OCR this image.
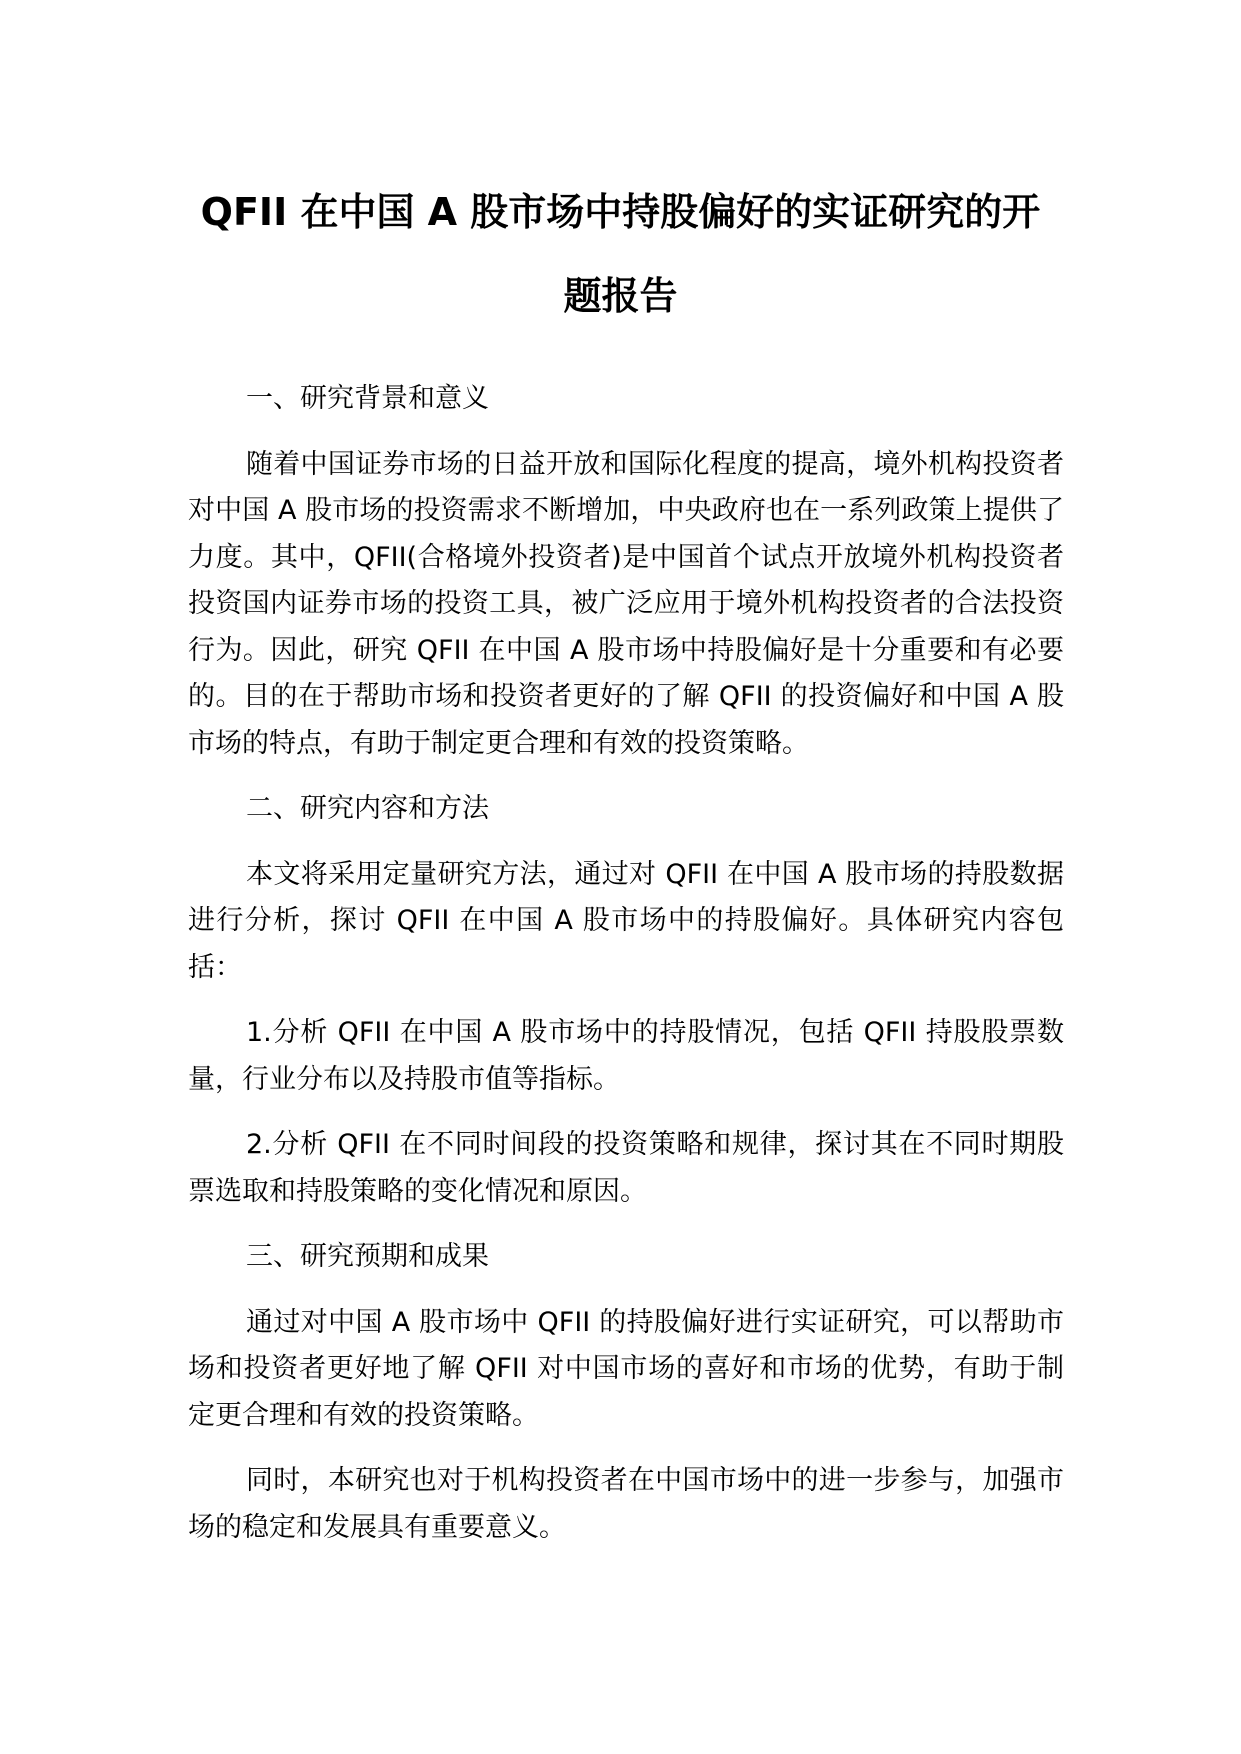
QFII 在中国 A 股市场中持股偏好的实证研究的开题报告

一、研究背景和意义

随着中国证券市场的日益开放和国际化程度的提高，境外机构投资者对中国 A 股市场的投资需求不断增加，中央政府也在一系列政策上提供了力度。其中，QFII(合格境外投资者)是中国首个试点开放境外机构投资者投资国内证券市场的投资工具，被广泛应用于境外机构投资者的合法投资行为。因此，研究 QFII 在中国 A 股市场中持股偏好是十分重要和有必要的。目的在于帮助市场和投资者更好的了解 QFII 的投资偏好和中国 A 股市场的特点，有助于制定更合理和有效的投资策略。

二、研究内容和方法

本文将采用定量研究方法，通过对 QFII 在中国 A 股市场的持股数据进行分析，探讨 QFII 在中国 A 股市场中的持股偏好。具体研究内容包括：

1.分析 QFII 在中国 A 股市场中的持股情况，包括 QFII 持股股票数量，行业分布以及持股市值等指标。

2.分析 QFII 在不同时间段的投资策略和规律，探讨其在不同时期股票选取和持股策略的变化情况和原因。

三、研究预期和成果

通过对中国 A 股市场中 QFII 的持股偏好进行实证研究，可以帮助市场和投资者更好地了解 QFII 对中国市场的喜好和市场的优势，有助于制定更合理和有效的投资策略。

同时，本研究也对于机构投资者在中国市场中的进一步参与，加强市场的稳定和发展具有重要意义。
